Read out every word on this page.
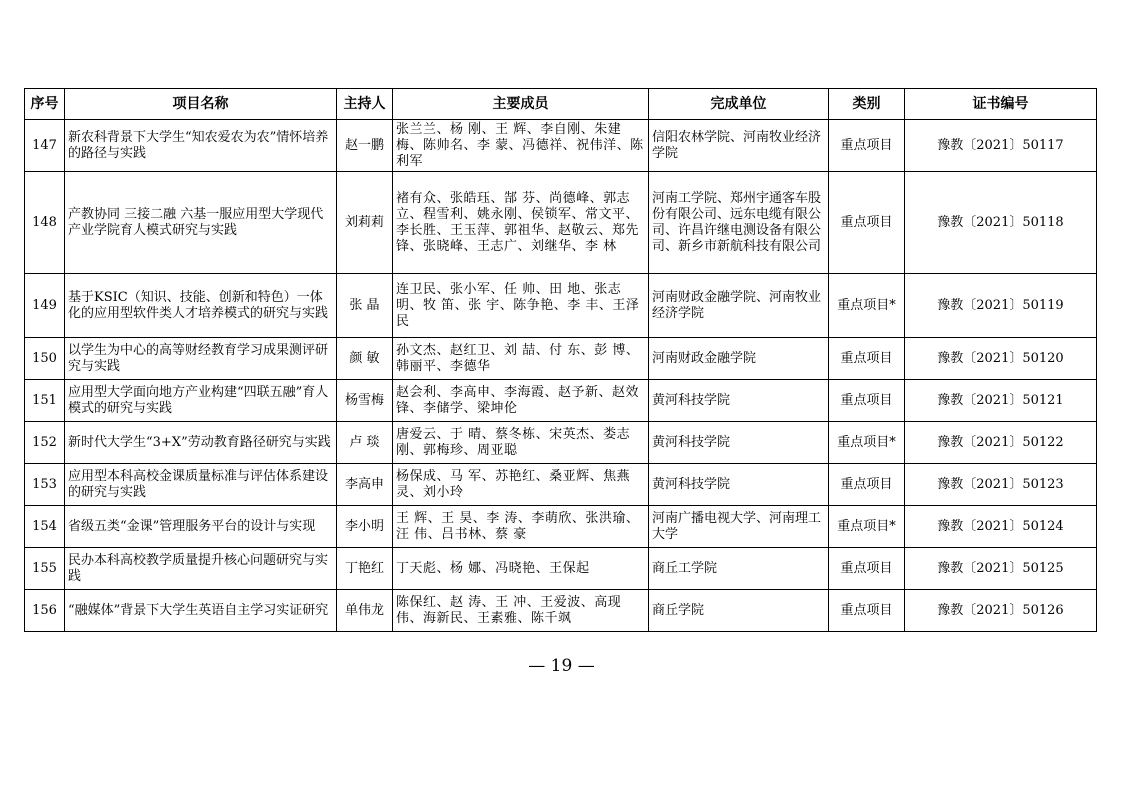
序号	项目名称	主持人	主要成员	完成单位	类别	证书编号
147	新农科背景下大学生“知农爱农为农”情怀培养的路径与实践	赵一鹏	张兰兰、杨 刚、王 辉、李自刚、朱建梅、陈帅名、李 蒙、冯德祥、祝伟洋、陈利军	信阳农林学院、河南牧业经济学院	重点项目	豫教〔2021〕50117
148	产教协同 三接二融 六基一服应用型大学现代产业学院育人模式研究与实践	刘莉莉	褚有众、张皓珏、郜 芬、尚德峰、郭志立、程雪利、姚永刚、侯锁军、常文平、李长胜、王玉萍、郭祖华、赵敬云、郑先锋、张晓峰、王志广、刘继华、李 林	河南工学院、郑州宇通客车股份有限公司、远东电缆有限公司、许昌许继电测设备有限公司、新乡市新航科技有限公司	重点项目	豫教〔2021〕50118
149	基于KSIC（知识、技能、创新和特色）一体化的应用型软件类人才培养模式的研究与实践	张 晶	连卫民、张小军、任 帅、田 地、张志明、牧 笛、张 宇、陈争艳、李 丰、王泽民	河南财政金融学院、河南牧业经济学院	重点项目*	豫教〔2021〕50119
150	以学生为中心的高等财经教育学习成果测评研究与实践	颜 敏	孙文杰、赵红卫、刘 喆、付 东、彭 博、韩丽平、李德华	河南财政金融学院	重点项目	豫教〔2021〕50120
151	应用型大学面向地方产业构建“四联五融”育人模式的研究与实践	杨雪梅	赵会利、李高申、李海霞、赵予新、赵效锋、李储学、梁坤伦	黄河科技学院	重点项目	豫教〔2021〕50121
152	新时代大学生“3+X”劳动教育路径研究与实践	卢 琰	唐爱云、于 晴、蔡冬栋、宋英杰、娄志刚、郭梅珍、周亚聪	黄河科技学院	重点项目*	豫教〔2021〕50122
153	应用型本科高校金课质量标准与评估体系建设的研究与实践	李高申	杨保成、马 军、苏艳红、桑亚辉、焦燕灵、刘小玲	黄河科技学院	重点项目	豫教〔2021〕50123
154	省级五类“金课”管理服务平台的设计与实现	李小明	王 辉、王 昊、李 涛、李萌欣、张洪瑜、汪 伟、吕书林、蔡 豪	河南广播电视大学、河南理工大学	重点项目*	豫教〔2021〕50124
155	民办本科高校教学质量提升核心问题研究与实践	丁艳红	丁天彪、杨 娜、冯晓艳、王保起	商丘工学院	重点项目	豫教〔2021〕50125
156	“融媒体”背景下大学生英语自主学习实证研究	单伟龙	陈保红、赵 涛、王 冲、王爱波、高现伟、海新民、王素雅、陈千飒	商丘学院	重点项目	豫教〔2021〕50126
— 19 —
